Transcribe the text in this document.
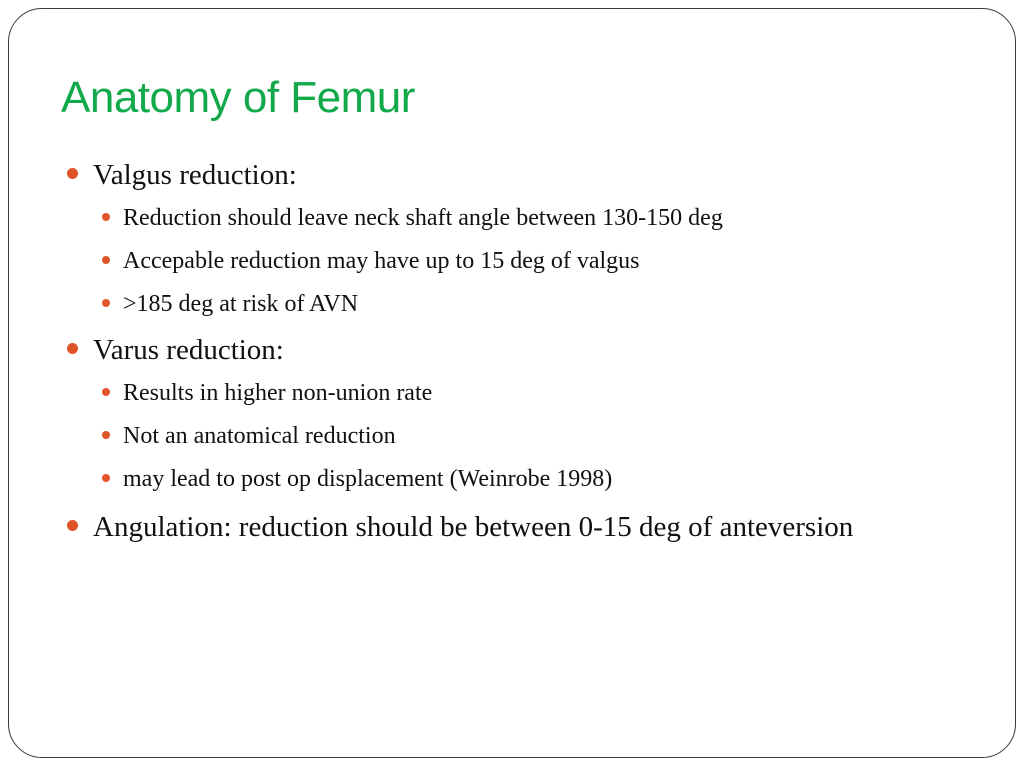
Anatomy of Femur
Valgus reduction:
Reduction should leave neck shaft angle between 130-150 deg
Accepable reduction may have up to 15 deg of valgus
>185 deg at risk of AVN
Varus reduction:
Results in higher non-union rate
Not an anatomical reduction
may lead to post op displacement (Weinrobe 1998)
Angulation: reduction should be between 0-15 deg of anteversion
